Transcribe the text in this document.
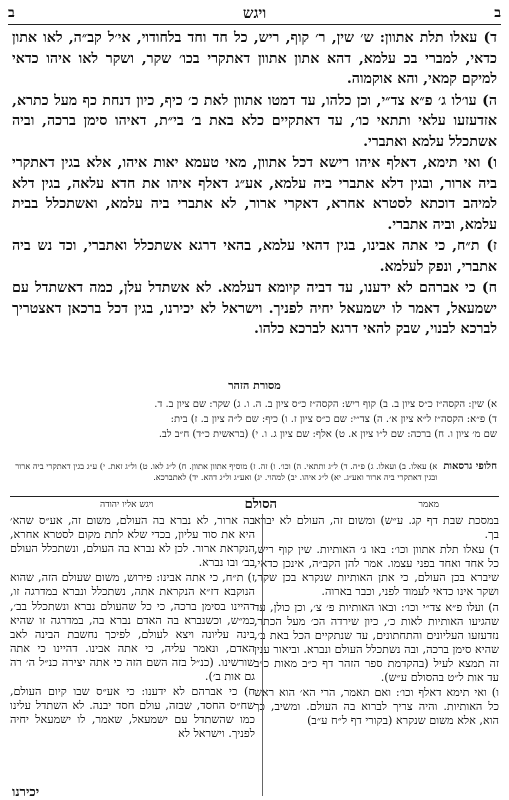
ב
ויגש
ב

ד) עאלו תלת אתוון: ש׳ שין, ר׳ קוף, ריש, כל חד וחד בלחודוי, אי׳ל קב״ה, לאו אתון כדאי, למברי בכ עלמא, דהא אתון אתוון דאתקרי בכו׳ שקר, ושקר לאו איהו כדאי למיקם קמאי, והא אוקמוה.

ה) עו׳לו ג׳ פ״א צד״י, וכן כלהו, עד דמטו אתוון לאת כ׳ כיף, כיון דנחת כף מעל כתרא, אזדעזעו עלאי ותתאי כו׳, עד דאתקיים כלא באת ב׳ בי״ת, דאיהו סימן ברכה, וביה אשתכלל עלמא ואתברי.

ו) ואי תימא, דאלף איהו רישא דכל אתוון, מאי טעמא יאות איהו, אלא בגין דאתקרי ביה ארור, ובגין דלא אתברי ביה עלמא, אע״ג דאלף איהו את חדא עלאה, בגין דלא למיהב דוכתא לסטרא אחרא, דאקרי ארור, לא אתברי ביה עלמא, ואשתכלל בבית עלמא, וביה אתברי.

ז) ת״ח, כי אתה אבינו, בגין דהאי עלמא, בהאי דרגא אשתכלל ואתברי, וכד נש ביה אתברי, ונפק לעלמא.

ח) כי אברהם לא ידענו, עד דביה קיומא דעלמא. לא אשתדל עלן, כמה דאשתדל עם ישמעאל, דאמר לו ישמעאל יחיה לפניך. וישראל לא יכירנו, בגין דכל ברכאן דאצטריך לברכא לבנוי, שבק להאי דרגא לברכא כלהו.

מסורת הזהר
א) שין: הקסה״ז כ״ס ציון ב. ב) קוף ריש: הקסה״ז כ״ס ציון ב. ה. ו. ג) שקר: שם ציון ב. ד.
ד) פ״א: הקסה״ז ל״א ציון א׳. ה) צד״י: שם כ״ס ציון ז. ו) כיף: שם ל״ה ציון ב. ז) בית:
שם מ׳ ציון ו. ח) ברכה: שם ל״ו ציון א. ט) אלף: שם ציון ג. ו. י) (בראשית כ״ד) ח״ב לב.
חלופי גרסאות
א) עאלו. ב) ועאלו. ג) פ״ה. ד) ל״ג ותתאי. ה) וכו׳. ו) זה. ז) מוסיף אתוון אתוון. ח) ל״ג לאו. ט) ול״ג זאת. י) ע״ג בגין דאתקרי ביה ארור ובגין דאתקרי ביה ארור ואע״ג. יא) ל״ג איהו. יב) למהוי. יג) ואע״ג ול״ג דהא. יד) לאתברכא.
מאמר
הסולם
ויגש אליו יהודה

במסכת שבת דף קג. ע״ש) ומשום זה, העולם לא יברא בך.

ד) עאלו תלת אתוון וכו׳: באו ג׳ האותיות. שין קוף ריש, כל אחד ואחד בפני עצמו. אמר להן הקב״ה, אינכן כדאי, שיברא בכן העולם, כי אתן האותיות שנקרא בכן שקר, ושקר אינו כדאי לעמוד לפני, וכבר בארוה.

ה) ועלו פ״א צד״י וכו׳: ובאו האותיות פ׳ צ׳, וכן כולן, עד שהגיעו האותיות לאות כ׳, כיון שירדה הכ׳ מעל הכתר, נזדעזעו העליונים והתחתונים, עד שנתקיים הכל באת ב׳, שהיא סימן ברכה, ובה נשתכלל העולם ונברא. וביאור ענין זה תמצא לעיל (בהקדמת ספר הזהר דף כ״ב מאות כ״ב עד אות ל״ט בהסולם ע״ש).

ו) ואי תימא דאלף וכו׳: ואם תאמר, הרי הא׳ הוא ראש כל האותיות. והיה צריך לברוא בה העולם. ומשיב, כך הוא, אלא משום שנקרא (בקורי דף ל״ח ע״ב)

בה ארור, לא נברא בה העולם, משום זה, אע״ס שהא׳ היא את סוד עליון, בכדי שלא לתת מקום לסטרא אחרא, הנקראת ארור. לכן לא נברא בה העולם, ונשתכלל העולם בב׳ ובו נברא.

ז) ת״ח, כי אתה אבינו: פירוש, משום שעולם הזה, שהוא הנוקבא דז״א הנקראת אתה, נשתכלל ונברא במדרגה זו, דהיינו בסימן ברכה, כי כל שהעולם נברא ונשתכלל בב׳, כמ״ש, וכשנברא בה האדם נברא בה, במדרגה זו שהיא בינה עליונה ויצא לעולם, לפיכך נחשבת הבינה לאב האדם, ונאמר עליה, כי אתה אבינו. דהיינו כי אתה שורשינו. (כנ״ל בזה השם הזה כי אתה יצירה כנ״ל ה׳ רה גם אות ב׳).

ח) כי אברהם לא ידענו: כי אע״ס שבו קיום העולם, שח״ס החסד, שבזה, עולם חסד יבנה. לא השתדל עלינו כמו שהשתדל עם ישמעאל, שאמר, לו ישמעאל יחיה לפניך. וישראל לא

יכירנו
